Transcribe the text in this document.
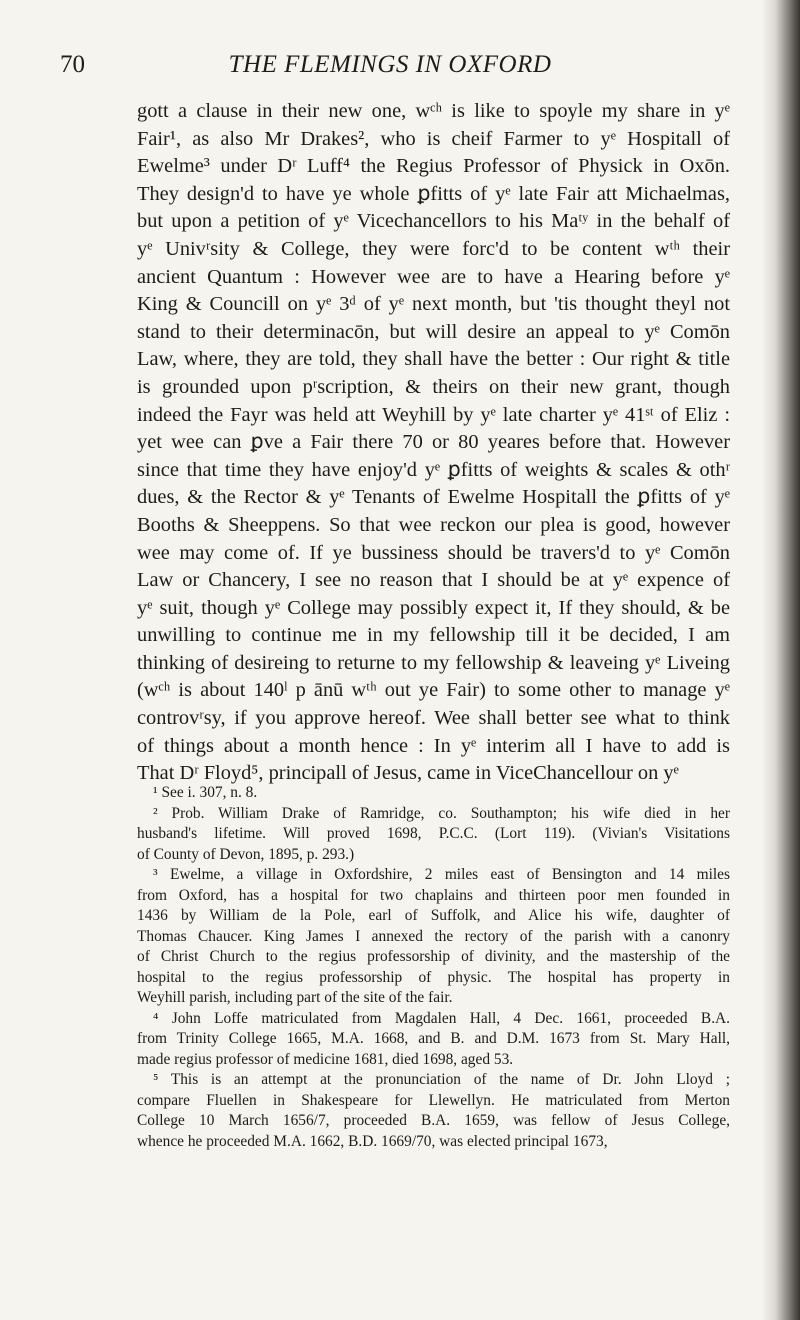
70	THE FLEMINGS IN OXFORD
gott a clause in their new one, wᶜʰ is like to spoyle my share in yᵉ
Fair¹, as also Mr Drakes², who is cheif Farmer to yᵉ Hospitall of
Ewelme³ under Dʳ Luff⁴ the Regius Professor of Physick in Oxōn.
They design'd to have ye whole ꝑfitts of yᵉ late Fair att Michaelmas,
but upon a petition of yᵉ Vicechancellors to his Maᵗʸ in the behalf of
yᵉ Univʳsity & College, they were forc'd to be content wᵗʰ their
ancient Quantum : However wee are to have a Hearing before yᵉ
King & Councill on yᵉ 3ᵈ of yᵉ next month, but 'tis thought theyl not
stand to their determinacōn, but will desire an appeal to yᵉ Comōn
Law, where, they are told, they shall have the better : Our right & title
is grounded upon pʳscription, & theirs on their new grant, though
indeed the Fayr was held att Weyhill by yᵉ late charter yᵉ 41ˢᵗ of Eliz :
yet wee can ꝑve a Fair there 70 or 80 yeares before that. However
since that time they have enjoy'd yᵉ ꝑfitts of weights & scales & othʳ
dues, & the Rector & yᵉ Tenants of Ewelme Hospitall the ꝑfitts of yᵉ
Booths & Sheeppens. So that wee reckon our plea is good, however
wee may come of. If ye bussiness should be travers'd to yᵉ Comōn
Law or Chancery, I see no reason that I should be at yᵉ expence of
yᵉ suit, though yᵉ College may possibly expect it, If they should, & be
unwilling to continue me in my fellowship till it be decided, I am
thinking of desireing to returne to my fellowship & leaveing yᵉ Liveing
(wᶜʰ is about 140ˡ p ānū wᵗʰ out ye Fair) to some other to manage yᵉ
controvʳsy, if you approve hereof. Wee shall better see what to think
of things about a month hence : In yᵉ interim all I have to add is
That Dʳ Floyd⁵, principall of Jesus, came in ViceChancellour on yᵉ
¹ See i. 307, n. 8.
² Prob. William Drake of Ramridge, co. Southampton; his wife died in her
husband's lifetime. Will proved 1698, P.C.C. (Lort 119). (Vivian's Visitations
of County of Devon, 1895, p. 293.)
³ Ewelme, a village in Oxfordshire, 2 miles east of Bensington and 14 miles
from Oxford, has a hospital for two chaplains and thirteen poor men founded in
1436 by William de la Pole, earl of Suffolk, and Alice his wife, daughter of
Thomas Chaucer. King James I annexed the rectory of the parish with a canonry
of Christ Church to the regius professorship of divinity, and the mastership of the
hospital to the regius professorship of physic. The hospital has property in
Weyhill parish, including part of the site of the fair.
⁴ John Loffe matriculated from Magdalen Hall, 4 Dec. 1661, proceeded B.A.
from Trinity College 1665, M.A. 1668, and B. and D.M. 1673 from St. Mary Hall,
made regius professor of medicine 1681, died 1698, aged 53.
⁵ This is an attempt at the pronunciation of the name of Dr. John Lloyd ;
compare Fluellen in Shakespeare for Llewellyn. He matriculated from Merton
College 10 March 1656/7, proceeded B.A. 1659, was fellow of Jesus College,
whence he proceeded M.A. 1662, B.D. 1669/70, was elected principal 1673,
